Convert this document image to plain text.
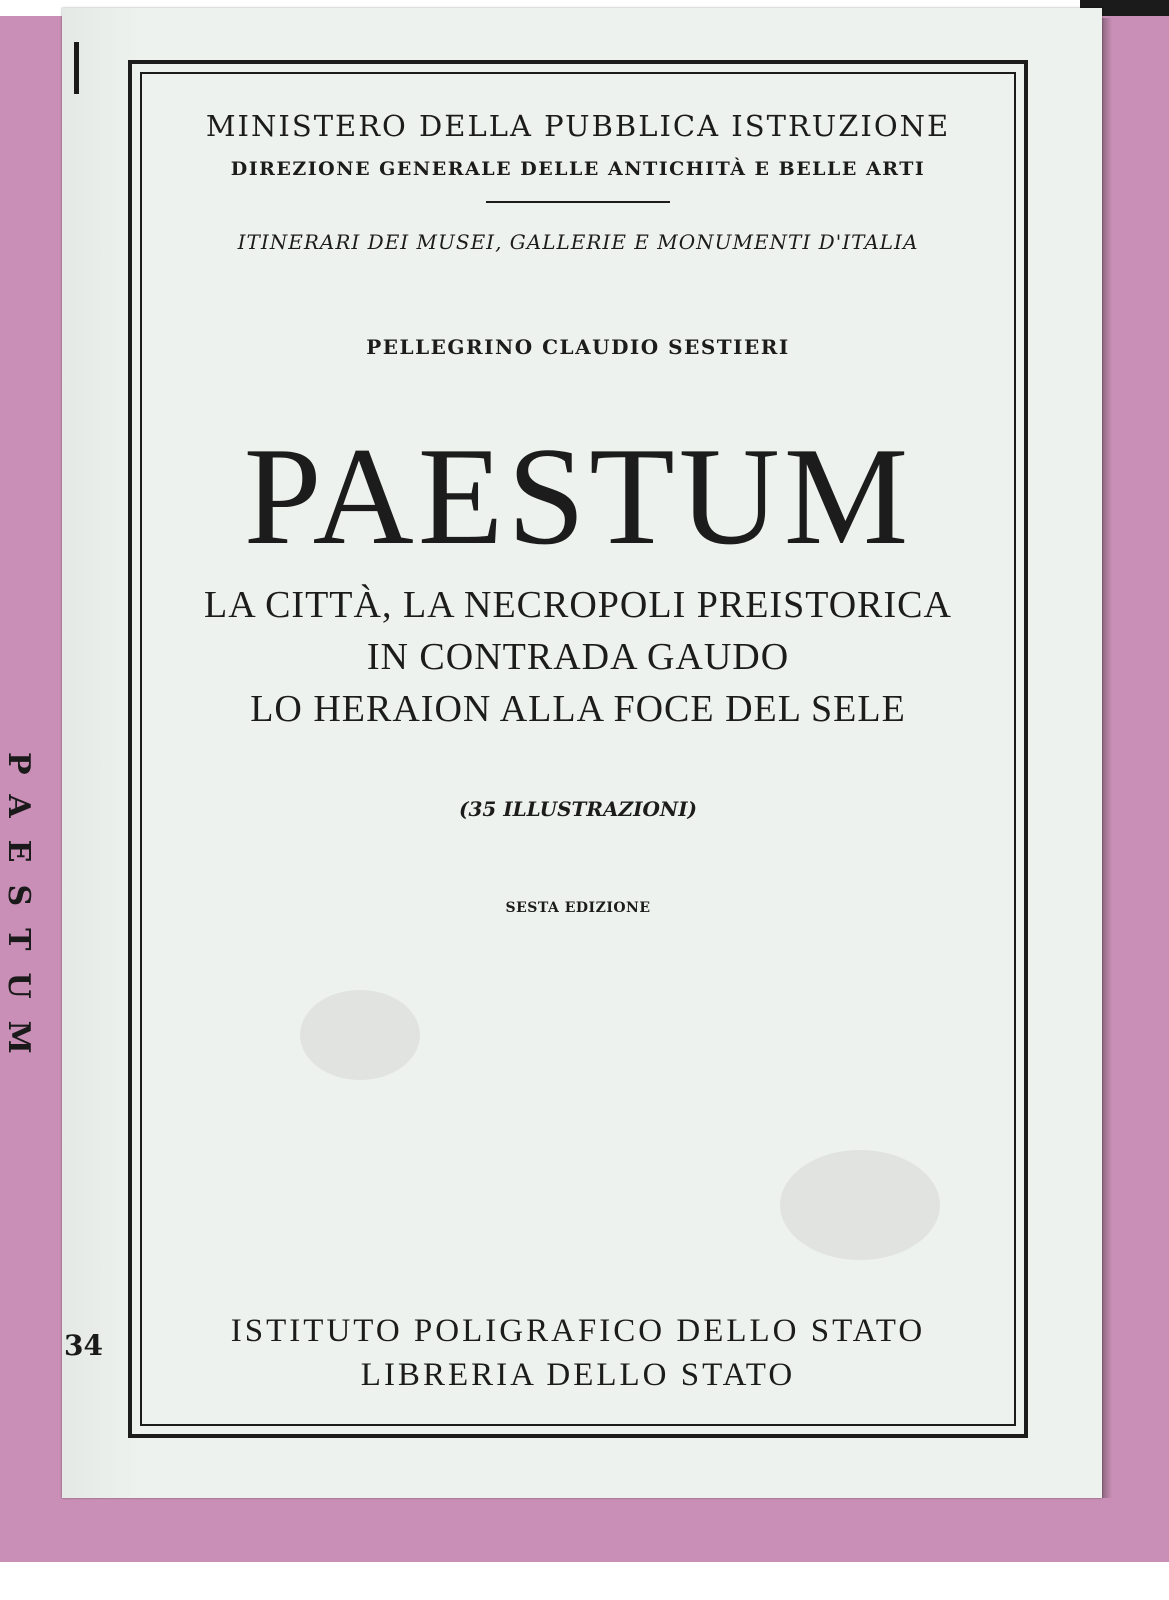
PAESTUM
34
MINISTERO DELLA PUBBLICA ISTRUZIONE
DIREZIONE GENERALE DELLE ANTICHITÀ E BELLE ARTI
ITINERARI DEI MUSEI, GALLERIE E MONUMENTI D'ITALIA
PELLEGRINO CLAUDIO SESTIERI
PAESTUM
LA CITTÀ, LA NECROPOLI PREISTORICA
IN CONTRADA GAUDO
LO HERAION ALLA FOCE DEL SELE
(35 ILLUSTRAZIONI)
SESTA EDIZIONE
ISTITUTO POLIGRAFICO DELLO STATO
LIBRERIA DELLO STATO
